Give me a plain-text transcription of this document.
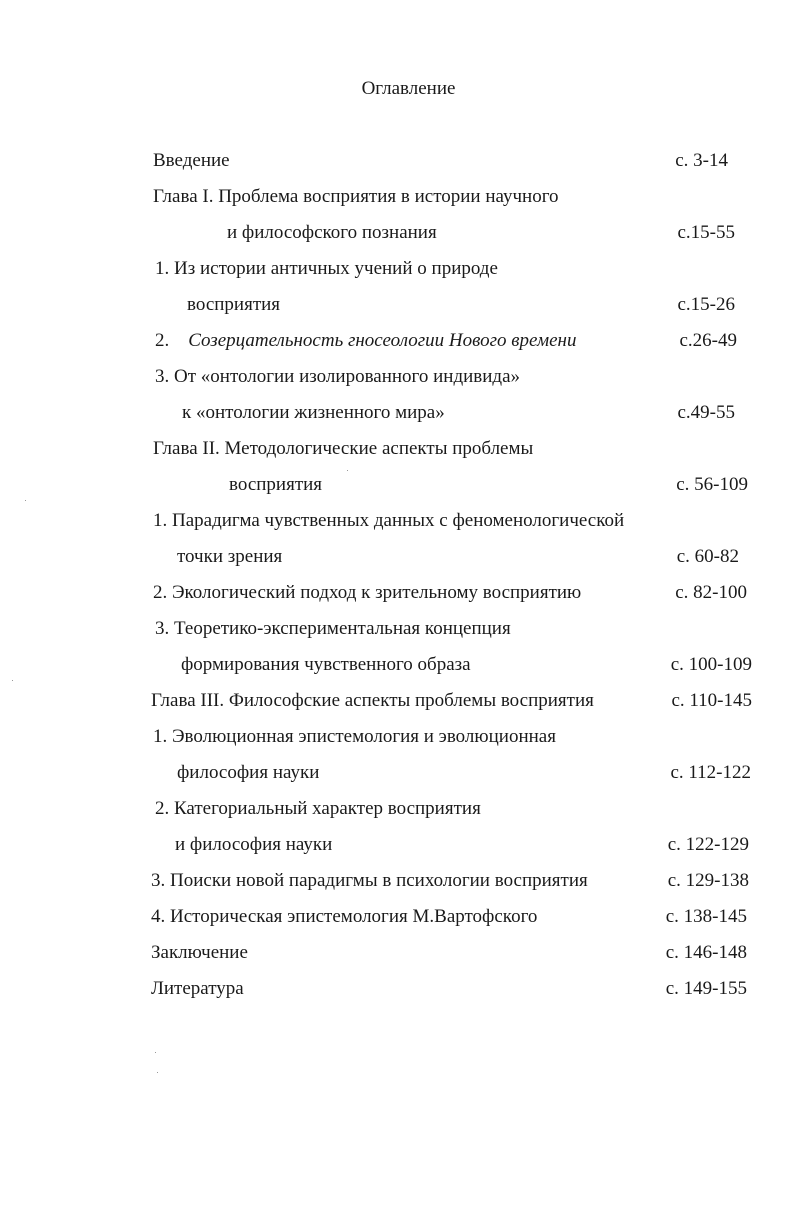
Оглавление
Введение	с. 3-14
Глава I. Проблема восприятия в истории научного
и философского познания	с.15-55
1. Из истории античных учений о природе
восприятия	с.15-26
2.    Созерцательность гносеологии Нового времени	с.26-49
3. От «онтологии изолированного индивида»
к «онтологии жизненного мира»	с.49-55
Глава II. Методологические аспекты проблемы
восприятия	с. 56-109
1. Парадигма чувственных данных с феноменологической
точки зрения	с. 60-82
2. Экологический подход к зрительному восприятию	с. 82-100
3. Теоретико-экспериментальная концепция
формирования чувственного образа	с. 100-109
Глава III. Философские аспекты проблемы восприятия	с. 110-145
1. Эволюционная эпистемология и эволюционная
философия науки	с. 112-122
2. Категориальный характер восприятия
и философия науки	с. 122-129
3. Поиски новой парадигмы в психологии восприятия	с. 129-138
4. Историческая эпистемология М.Вартофского	с. 138-145
Заключение	с. 146-148
Литература	с. 149-155
